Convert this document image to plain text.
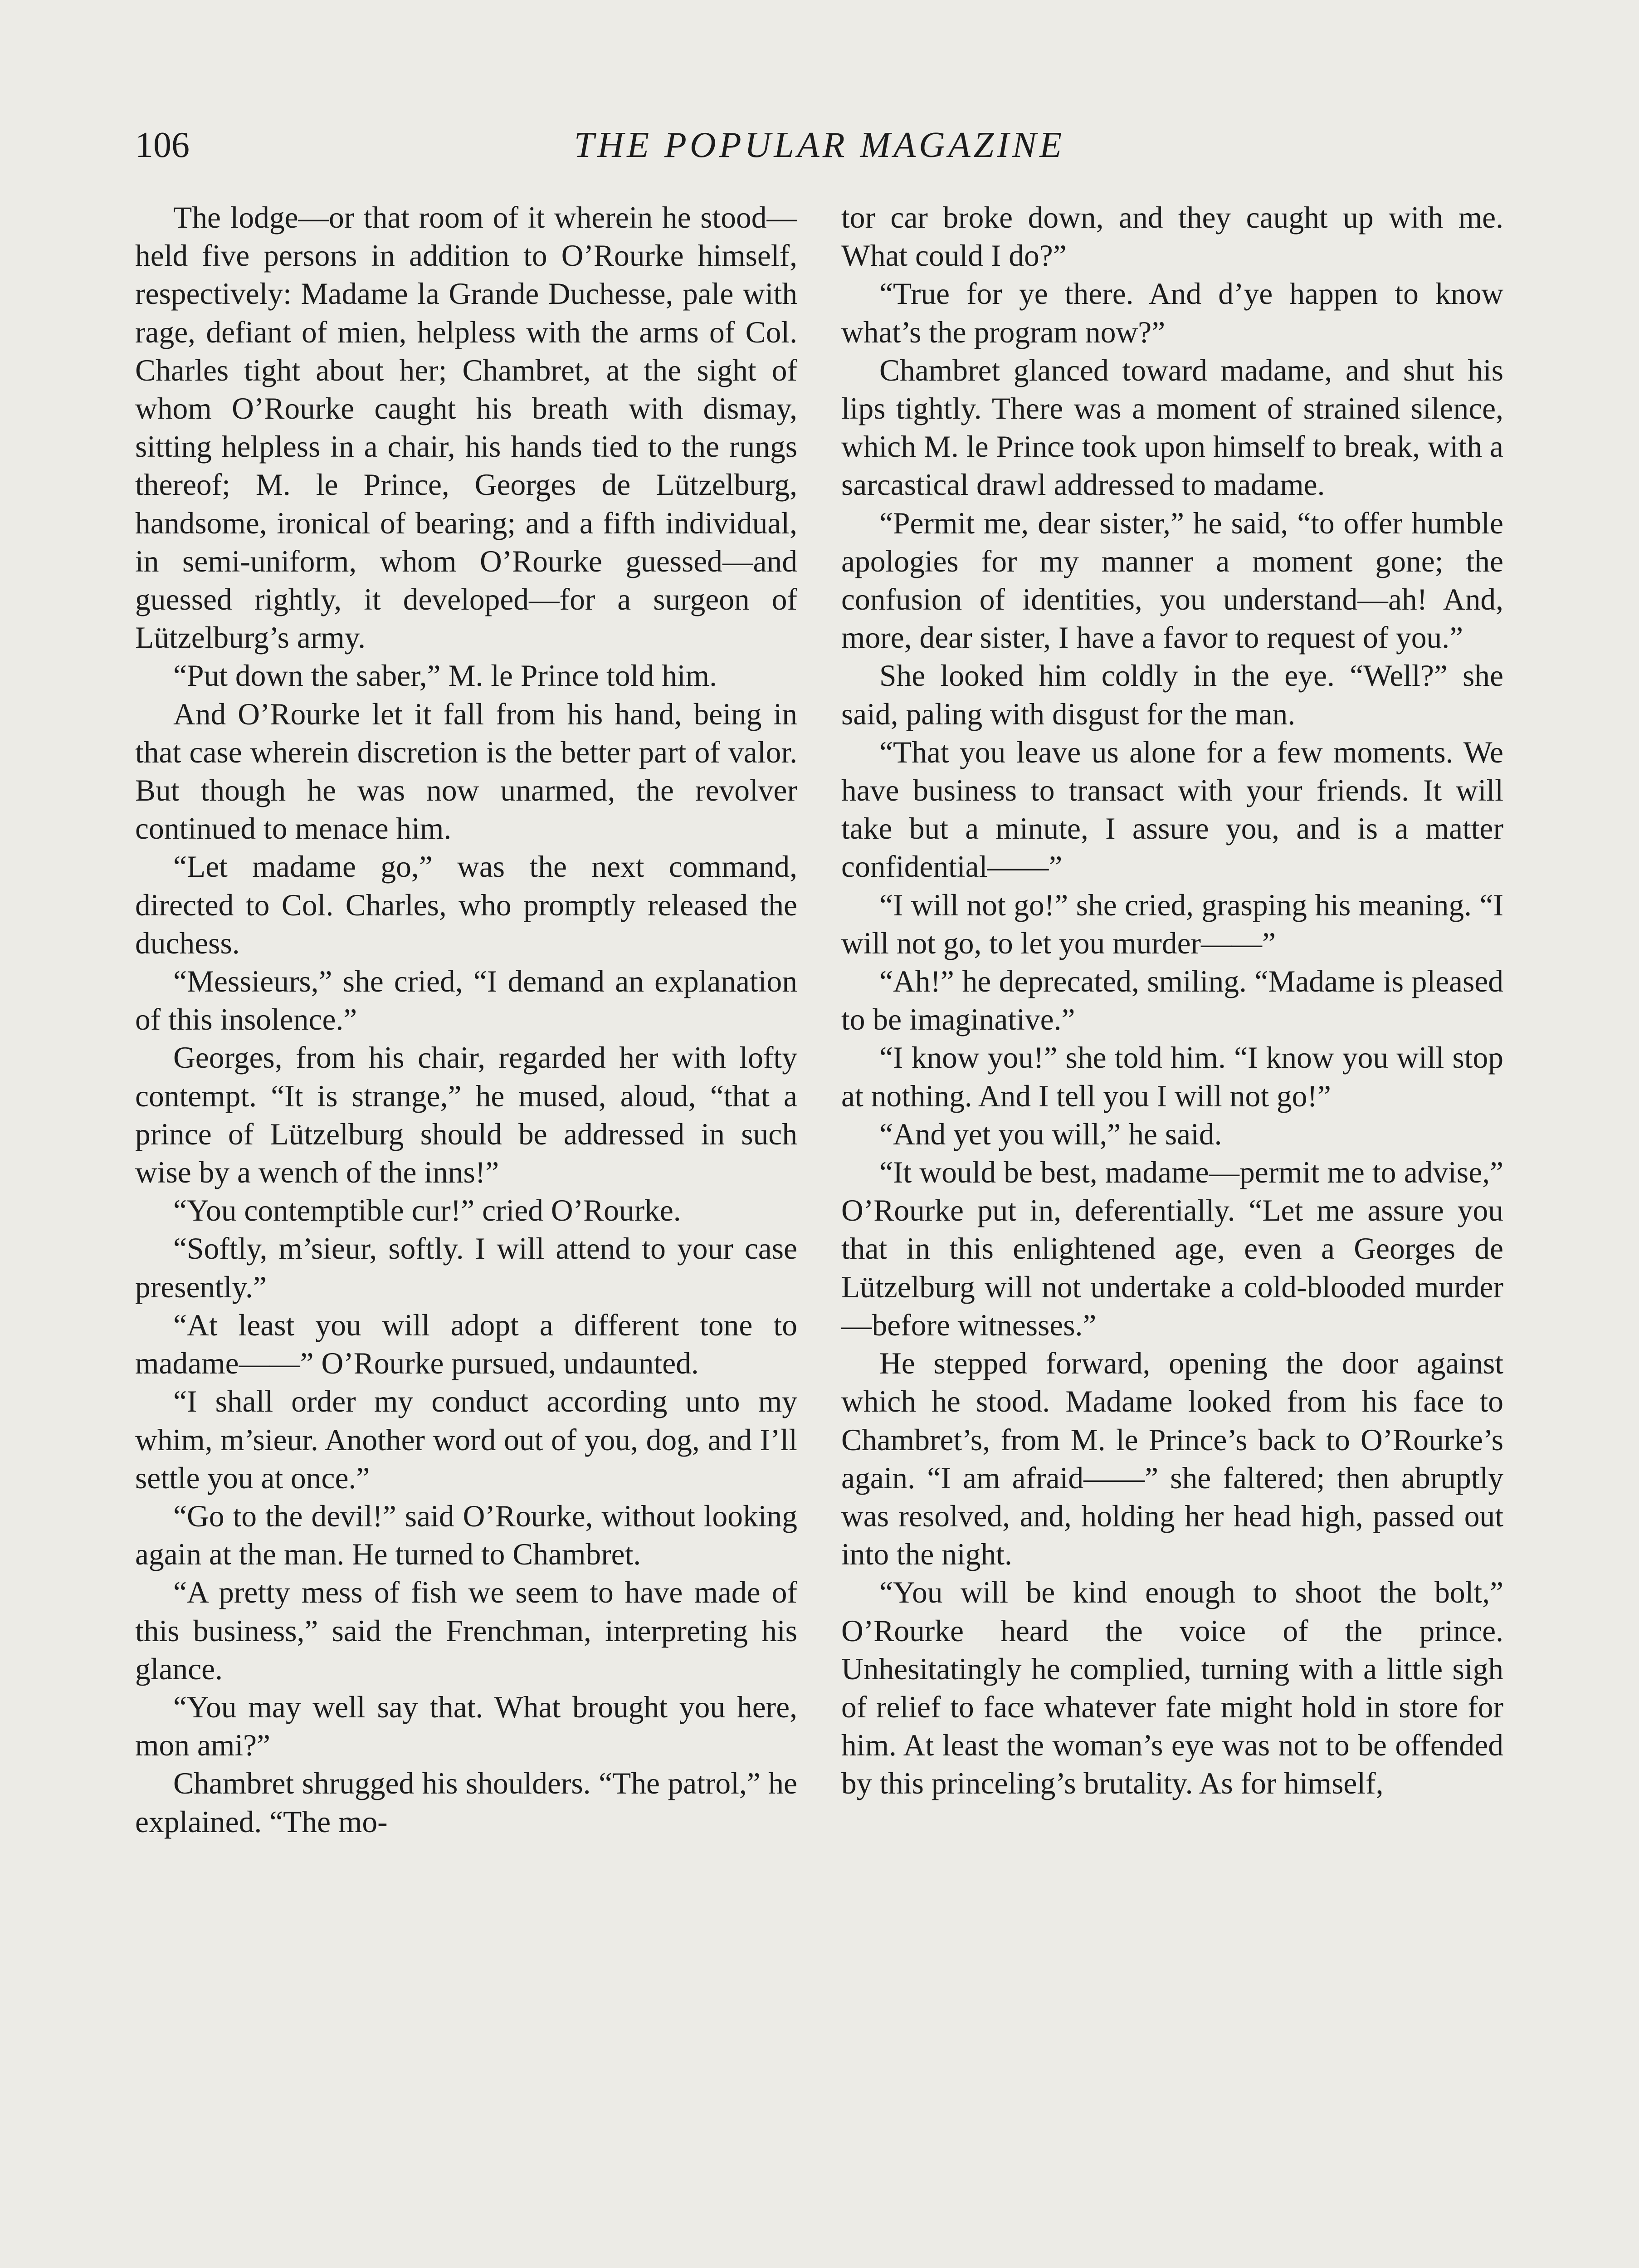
106	THE POPULAR MAGAZINE

The lodge—or that room of it wherein he stood—held five persons in addition to O’Rourke himself, respectively: Madame la Grande Duchesse, pale with rage, defiant of mien, helpless with the arms of Col. Charles tight about her; Chambret, at the sight of whom O’Rourke caught his breath with dismay, sitting helpless in a chair, his hands tied to the rungs thereof; M. le Prince, Georges de Lützelburg, handsome, ironical of bearing; and a fifth individual, in semi-uniform, whom O’Rourke guessed—and guessed rightly, it developed—for a surgeon of Lützelburg’s army.

“Put down the saber,” M. le Prince told him.

And O’Rourke let it fall from his hand, being in that case wherein discretion is the better part of valor. But though he was now unarmed, the revolver continued to menace him.

“Let madame go,” was the next command, directed to Col. Charles, who promptly released the duchess.

“Messieurs,” she cried, “I demand an explanation of this insolence.”

Georges, from his chair, regarded her with lofty contempt. “It is strange,” he mused, aloud, “that a prince of Lützelburg should be addressed in such wise by a wench of the inns!”

“You contemptible cur!” cried O’Rourke.

“Softly, m’sieur, softly. I will attend to your case presently.”

“At least you will adopt a different tone to madame——” O’Rourke pursued, undaunted.

“I shall order my conduct according unto my whim, m’sieur. Another word out of you, dog, and I’ll settle you at once.”

“Go to the devil!” said O’Rourke, without looking again at the man. He turned to Chambret.

“A pretty mess of fish we seem to have made of this business,” said the Frenchman, interpreting his glance.

“You may well say that. What brought you here, mon ami?”

Chambret shrugged his shoulders. “The patrol,” he explained. “The mo-

tor car broke down, and they caught up with me. What could I do?”

“True for ye there. And d’ye happen to know what’s the program now?”

Chambret glanced toward madame, and shut his lips tightly. There was a moment of strained silence, which M. le Prince took upon himself to break, with a sarcastical drawl addressed to madame.

“Permit me, dear sister,” he said, “to offer humble apologies for my manner a moment gone; the confusion of identities, you understand—ah! And, more, dear sister, I have a favor to request of you.”

She looked him coldly in the eye. “Well?” she said, paling with disgust for the man.

“That you leave us alone for a few moments. We have business to transact with your friends. It will take but a minute, I assure you, and is a matter confidential——”

“I will not go!” she cried, grasping his meaning. “I will not go, to let you murder——”

“Ah!” he deprecated, smiling. “Madame is pleased to be imaginative.”

“I know you!” she told him. “I know you will stop at nothing. And I tell you I will not go!”

“And yet you will,” he said.

“It would be best, madame—permit me to advise,” O’Rourke put in, deferentially. “Let me assure you that in this enlightened age, even a Georges de Lützelburg will not undertake a cold-blooded murder—before witnesses.”

He stepped forward, opening the door against which he stood. Madame looked from his face to Chambret’s, from M. le Prince’s back to O’Rourke’s again. “I am afraid——” she faltered; then abruptly was resolved, and, holding her head high, passed out into the night.

“You will be kind enough to shoot the bolt,” O’Rourke heard the voice of the prince. Unhesitatingly he complied, turning with a little sigh of relief to face whatever fate might hold in store for him. At least the woman’s eye was not to be offended by this princeling’s brutality. As for himself,
